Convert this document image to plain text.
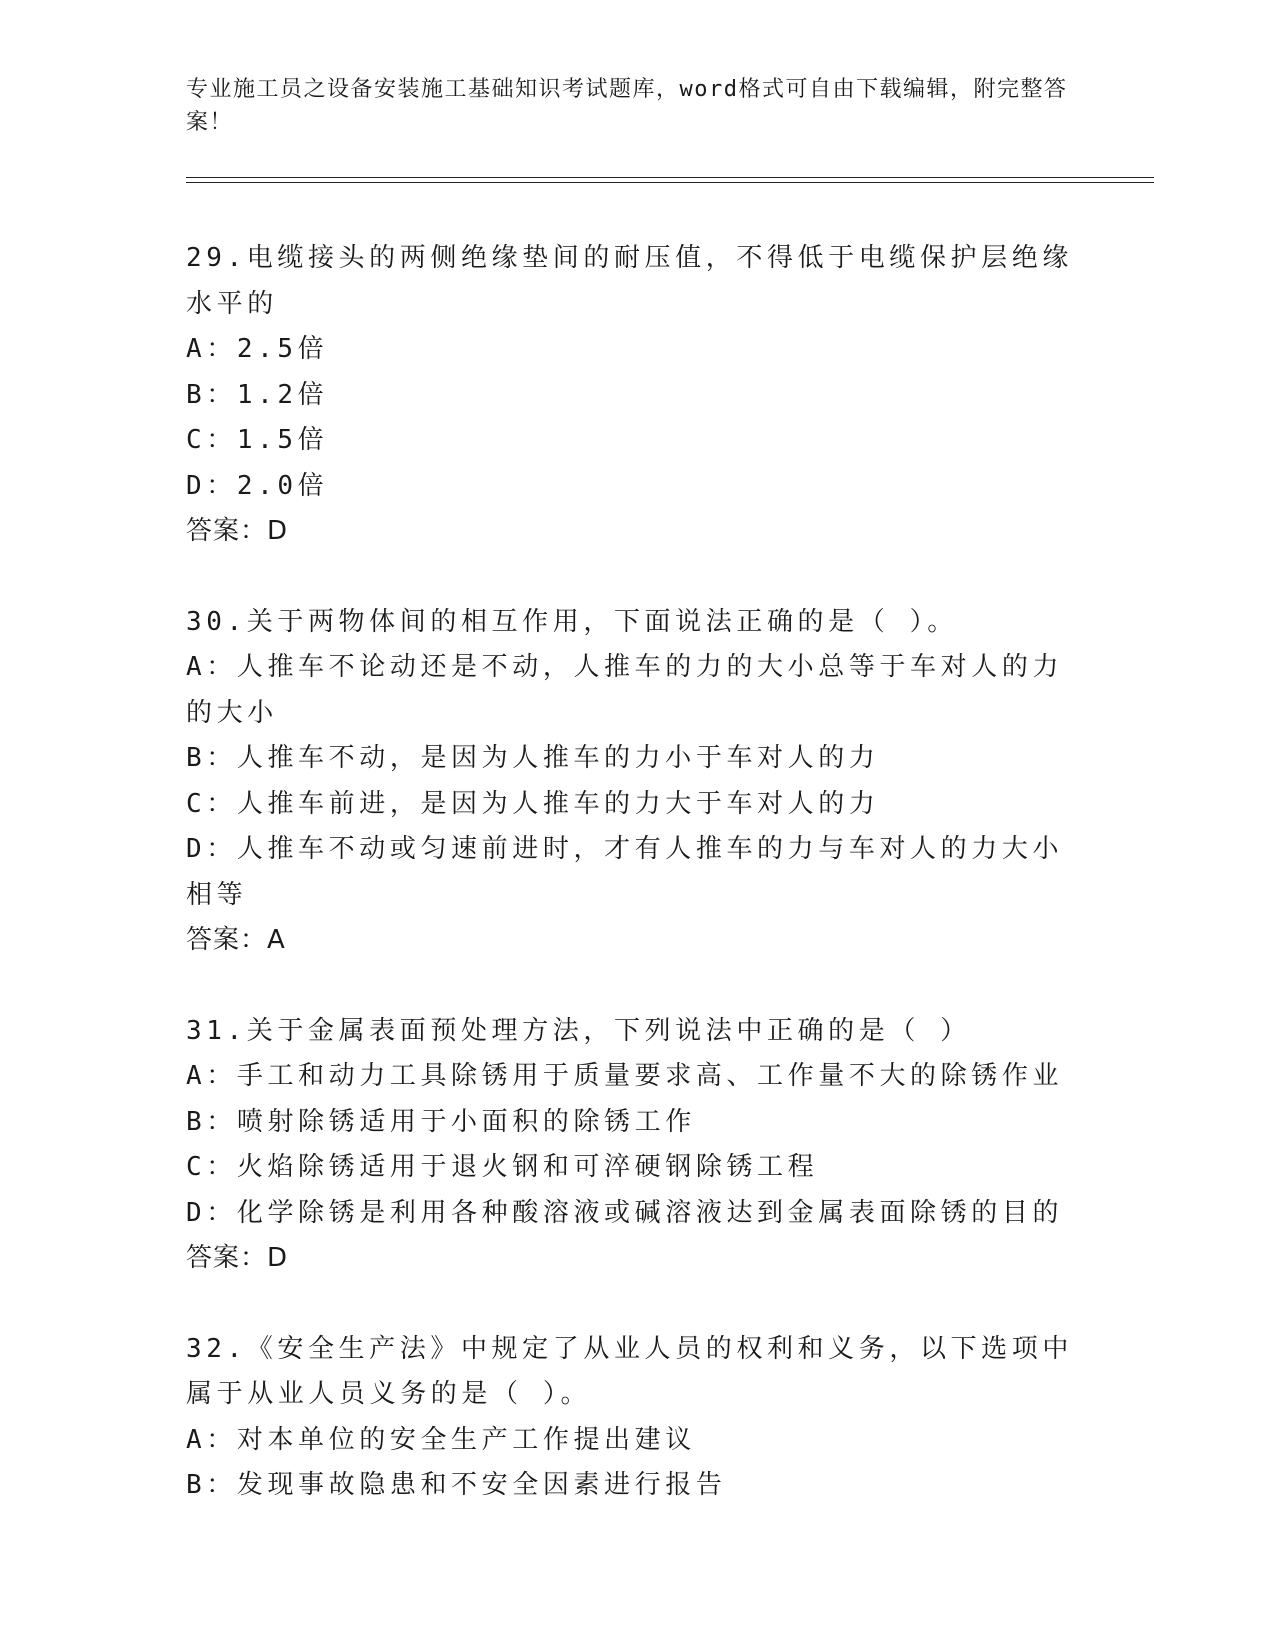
专业施工员之设备安装施工基础知识考试题库，word格式可自由下载编辑，附完整答案！
29.电缆接头的两侧绝缘垫间的耐压值，不得低于电缆保护层绝缘水平的
A：2.5倍
B：1.2倍
C：1.5倍
D：2.0倍
答案：D
30.关于两物体间的相互作用，下面说法正确的是（ ）。
A：人推车不论动还是不动，人推车的力的大小总等于车对人的力的大小
B：人推车不动，是因为人推车的力小于车对人的力
C：人推车前进，是因为人推车的力大于车对人的力
D：人推车不动或匀速前进时，才有人推车的力与车对人的力大小相等
答案：A
31.关于金属表面预处理方法，下列说法中正确的是（ ）
A：手工和动力工具除锈用于质量要求高、工作量不大的除锈作业
B：喷射除锈适用于小面积的除锈工作
C：火焰除锈适用于退火钢和可淬硬钢除锈工程
D：化学除锈是利用各种酸溶液或碱溶液达到金属表面除锈的目的
答案：D
32.《安全生产法》中规定了从业人员的权利和义务，以下选项中属于从业人员义务的是（ ）。
A：对本单位的安全生产工作提出建议
B：发现事故隐患和不安全因素进行报告
